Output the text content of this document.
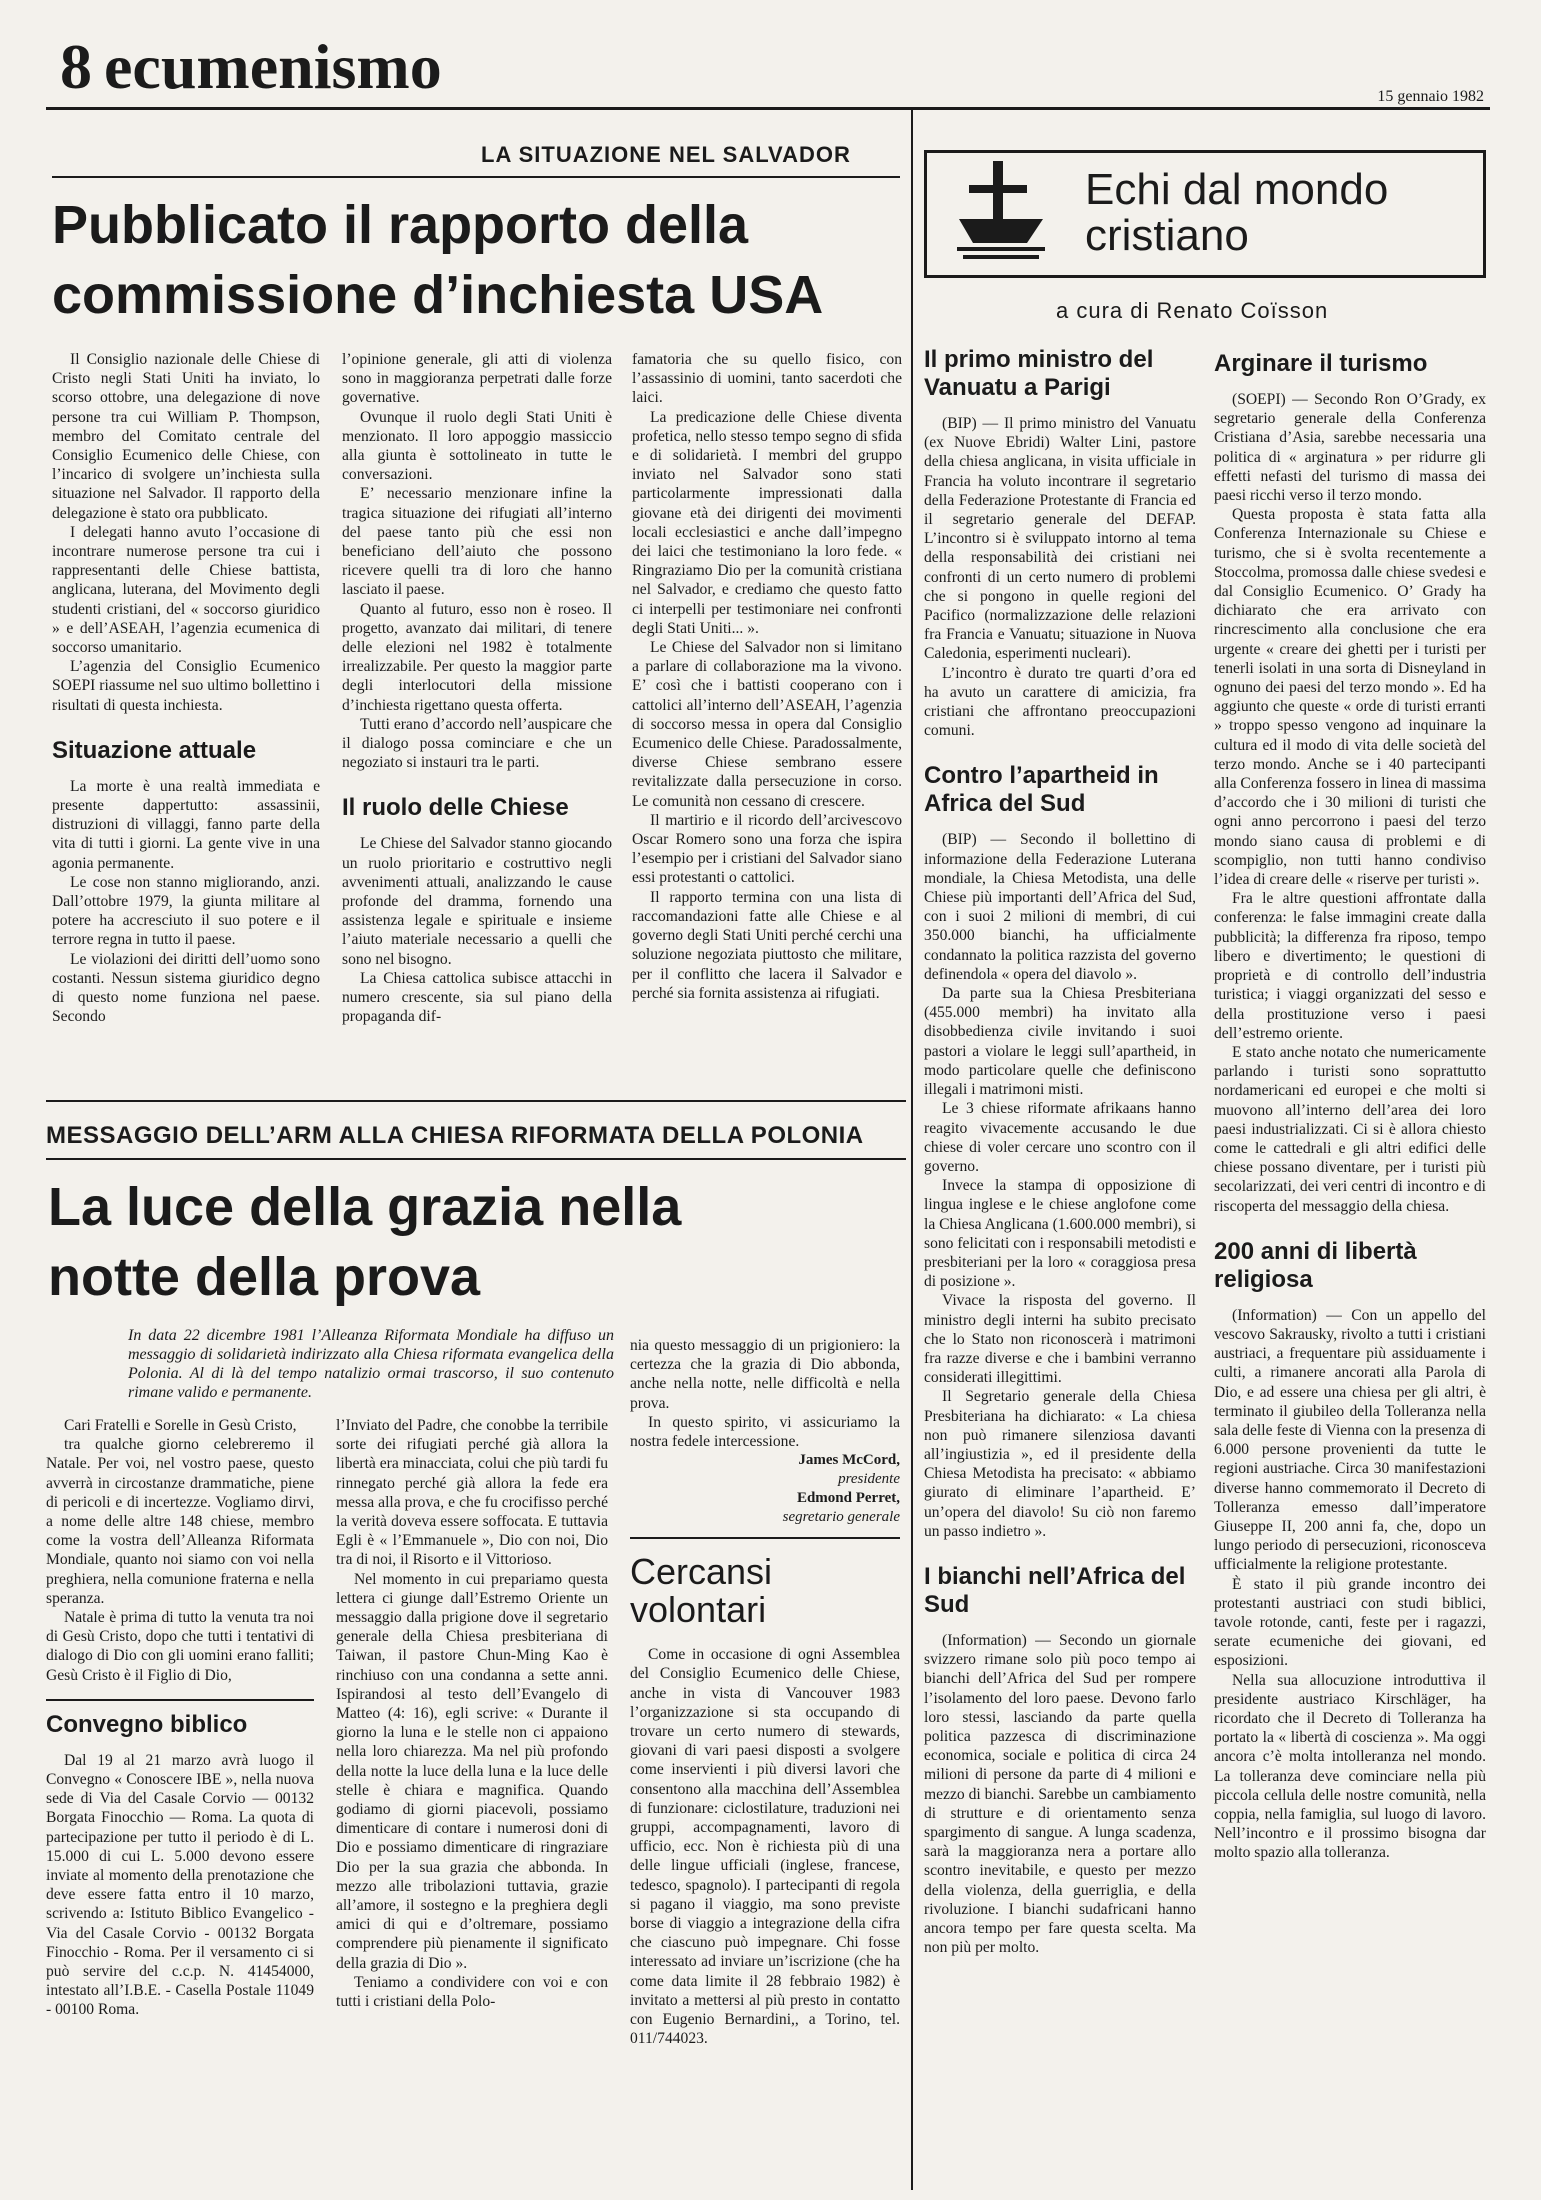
8 ecumenismo	15 gennaio 1982
LA SITUAZIONE NEL SALVADOR
Pubblicato il rapporto della commissione d’inchiesta USA

Il Consiglio nazionale delle Chiese di Cristo negli Stati Uniti ha inviato, lo scorso ottobre, una delegazione di nove persone tra cui William P. Thompson, membro del Comitato centrale del Consiglio Ecumenico delle Chiese, con l’incarico di svolgere un’inchiesta sulla situazione nel Salvador. Il rapporto della delegazione è stato ora pubblicato.

I delegati hanno avuto l’occasione di incontrare numerose persone tra cui i rappresentanti delle Chiese battista, anglicana, luterana, del Movimento degli studenti cristiani, del « soccorso giuridico » e dell’ASEAH, l’agenzia ecumenica di soccorso umanitario.

L’agenzia del Consiglio Ecumenico SOEPI riassume nel suo ultimo bollettino i risultati di questa inchiesta.

Situazione attuale

La morte è una realtà immediata e presente dappertutto: assassinii, distruzioni di villaggi, fanno parte della vita di tutti i giorni. La gente vive in una agonia permanente.

Le cose non stanno migliorando, anzi. Dall’ottobre 1979, la giunta militare al potere ha accresciuto il suo potere e il terrore regna in tutto il paese.

Le violazioni dei diritti dell’uomo sono costanti. Nessun sistema giuridico degno di questo nome funziona nel paese. Secondo

l’opinione generale, gli atti di violenza sono in maggioranza perpetrati dalle forze governative.

Ovunque il ruolo degli Stati Uniti è menzionato. Il loro appoggio massiccio alla giunta è sottolineato in tutte le conversazioni.

E’ necessario menzionare infine la tragica situazione dei rifugiati all’interno del paese tanto più che essi non beneficiano dell’aiuto che possono ricevere quelli tra di loro che hanno lasciato il paese.

Quanto al futuro, esso non è roseo. Il progetto, avanzato dai militari, di tenere delle elezioni nel 1982 è totalmente irrealizzabile. Per questo la maggior parte degli interlocutori della missione d’inchiesta rigettano questa offerta.

Tutti erano d’accordo nell’auspicare che il dialogo possa cominciare e che un negoziato si instauri tra le parti.

Il ruolo delle Chiese

Le Chiese del Salvador stanno giocando un ruolo prioritario e costruttivo negli avvenimenti attuali, analizzando le cause profonde del dramma, fornendo una assistenza legale e spirituale e insieme l’aiuto materiale necessario a quelli che sono nel bisogno.

La Chiesa cattolica subisce attacchi in numero crescente, sia sul piano della propaganda dif-

famatoria che su quello fisico, con l’assassinio di uomini, tanto sacerdoti che laici.

La predicazione delle Chiese diventa profetica, nello stesso tempo segno di sfida e di solidarietà. I membri del gruppo inviato nel Salvador sono stati particolarmente impressionati dalla giovane età dei dirigenti dei movimenti locali ecclesiastici e anche dall’impegno dei laici che testimoniano la loro fede. « Ringraziamo Dio per la comunità cristiana nel Salvador, e crediamo che questo fatto ci interpelli per testimoniare nei confronti degli Stati Uniti... ».

Le Chiese del Salvador non si limitano a parlare di collaborazione ma la vivono. E’ così che i battisti cooperano con i cattolici all’interno dell’ASEAH, l’agenzia di soccorso messa in opera dal Consiglio Ecumenico delle Chiese. Paradossalmente, diverse Chiese sembrano essere revitalizzate dalla persecuzione in corso. Le comunità non cessano di crescere.

Il martirio e il ricordo dell’arcivescovo Oscar Romero sono una forza che ispira l’esempio per i cristiani del Salvador siano essi protestanti o cattolici.

Il rapporto termina con una lista di raccomandazioni fatte alle Chiese e al governo degli Stati Uniti perché cerchi una soluzione negoziata piuttosto che militare, per il conflitto che lacera il Salvador e perché sia fornita assistenza ai rifugiati.

MESSAGGIO DELL’ARM ALLA CHIESA RIFORMATA DELLA POLONIA
La luce della grazia nella notte della prova
In data 22 dicembre 1981 l’Alleanza Riformata Mondiale ha diffuso un messaggio di solidarietà indirizzato alla Chiesa riformata evangelica della Polonia. Al di là del tempo natalizio ormai trascorso, il suo contenuto rimane valido e permanente.

Cari Fratelli e Sorelle in Gesù Cristo,

tra qualche giorno celebreremo il Natale. Per voi, nel vostro paese, questo avverrà in circostanze drammatiche, piene di pericoli e di incertezze. Vogliamo dirvi, a nome delle altre 148 chiese, membro come la vostra dell’Alleanza Riformata Mondiale, quanto noi siamo con voi nella preghiera, nella comunione fraterna e nella speranza.

Natale è prima di tutto la venuta tra noi di Gesù Cristo, dopo che tutti i tentativi di dialogo di Dio con gli uomini erano falliti; Gesù Cristo è il Figlio di Dio,

Convegno biblico

Dal 19 al 21 marzo avrà luogo il Convegno « Conoscere IBE », nella nuova sede di Via del Casale Corvio — 00132 Borgata Finocchio — Roma. La quota di partecipazione per tutto il periodo è di L. 15.000 di cui L. 5.000 devono essere inviate al momento della prenotazione che deve essere fatta entro il 10 marzo, scrivendo a: Istituto Biblico Evangelico - Via del Casale Corvio - 00132 Borgata Finocchio - Roma. Per il versamento ci si può servire del c.c.p. N. 41454000, intestato all’I.B.E. - Casella Postale 11049 - 00100 Roma.

l’Inviato del Padre, che conobbe la terribile sorte dei rifugiati perché già allora la libertà era minacciata, colui che più tardi fu rinnegato perché già allora la fede era messa alla prova, e che fu crocifisso perché la verità doveva essere soffocata. E tuttavia Egli è « l’Emmanuele », Dio con noi, Dio tra di noi, il Risorto e il Vittorioso.

Nel momento in cui prepariamo questa lettera ci giunge dall’Estremo Oriente un messaggio dalla prigione dove il segretario generale della Chiesa presbiteriana di Taiwan, il pastore Chun-Ming Kao è rinchiuso con una condanna a sette anni. Ispirandosi al testo dell’Evangelo di Matteo (4: 16), egli scrive: « Durante il giorno la luna e le stelle non ci appaiono nella loro chiarezza. Ma nel più profondo della notte la luce della luna e la luce delle stelle è chiara e magnifica. Quando godiamo di giorni piacevoli, possiamo dimenticare di contare i numerosi doni di Dio e possiamo dimenticare di ringraziare Dio per la sua grazia che abbonda. In mezzo alle tribolazioni tuttavia, grazie all’amore, il sostegno e la preghiera degli amici di qui e d’oltremare, possiamo comprendere più pienamente il significato della grazia di Dio ».

Teniamo a condividere con voi e con tutti i cristiani della Polo-

nia questo messaggio di un prigioniero: la certezza che la grazia di Dio abbonda, anche nella notte, nelle difficoltà e nella prova.

In questo spirito, vi assicuriamo la nostra fedele intercessione.

James McCord,
presidente
Edmond Perret,
segretario generale
Cercansi volontari

Come in occasione di ogni Assemblea del Consiglio Ecumenico delle Chiese, anche in vista di Vancouver 1983 l’organizzazione si sta occupando di trovare un certo numero di stewards, giovani di vari paesi disposti a svolgere come inservienti i più diversi lavori che consentono alla macchina dell’Assemblea di funzionare: ciclostilature, traduzioni nei gruppi, accompagnamenti, lavoro di ufficio, ecc. Non è richiesta più di una delle lingue ufficiali (inglese, francese, tedesco, spagnolo). I partecipanti di regola si pagano il viaggio, ma sono previste borse di viaggio a integrazione della cifra che ciascuno può impegnare. Chi fosse interessato ad inviare un’iscrizione (che ha come data limite il 28 febbraio 1982) è invitato a mettersi al più presto in contatto con Eugenio Bernardini,, a Torino, tel. 011/744023.

Echi dal mondo
cristiano
a cura di Renato Coïsson
Il primo ministro del Vanuatu a Parigi

(BIP) — Il primo ministro del Vanuatu (ex Nuove Ebridi) Walter Lini, pastore della chiesa anglicana, in visita ufficiale in Francia ha voluto incontrare il segretario della Federazione Protestante di Francia ed il segretario generale del DEFAP. L’incontro si è sviluppato intorno al tema della responsabilità dei cristiani nei confronti di un certo numero di problemi che si pongono in quelle regioni del Pacifico (normalizzazione delle relazioni fra Francia e Vanuatu; situazione in Nuova Caledonia, esperimenti nucleari).

L’incontro è durato tre quarti d’ora ed ha avuto un carattere di amicizia, fra cristiani che affrontano preoccupazioni comuni.

Contro l’apartheid in Africa del Sud

(BIP) — Secondo il bollettino di informazione della Federazione Luterana mondiale, la Chiesa Metodista, una delle Chiese più importanti dell’Africa del Sud, con i suoi 2 milioni di membri, di cui 350.000 bianchi, ha ufficialmente condannato la politica razzista del governo definendola « opera del diavolo ».

Da parte sua la Chiesa Presbiteriana (455.000 membri) ha invitato alla disobbedienza civile invitando i suoi pastori a violare le leggi sull’apartheid, in modo particolare quelle che definiscono illegali i matrimoni misti.

Le 3 chiese riformate afrikaans hanno reagito vivacemente accusando le due chiese di voler cercare uno scontro con il governo.

Invece la stampa di opposizione di lingua inglese e le chiese anglofone come la Chiesa Anglicana (1.600.000 membri), si sono felicitati con i responsabili metodisti e presbiteriani per la loro « coraggiosa presa di posizione ».

Vivace la risposta del governo. Il ministro degli interni ha subito precisato che lo Stato non riconoscerà i matrimoni fra razze diverse e che i bambini verranno considerati illegittimi.

Il Segretario generale della Chiesa Presbiteriana ha dichiarato: « La chiesa non può rimanere silenziosa davanti all’ingiustizia », ed il presidente della Chiesa Metodista ha precisato: « abbiamo giurato di eliminare l’apartheid. E’ un’opera del diavolo! Su ciò non faremo un passo indietro ».

I bianchi nell’Africa del Sud

(Information) — Secondo un giornale svizzero rimane solo più poco tempo ai bianchi dell’Africa del Sud per rompere l’isolamento del loro paese. Devono farlo loro stessi, lasciando da parte quella politica pazzesca di discriminazione economica, sociale e politica di circa 24 milioni di persone da parte di 4 milioni e mezzo di bianchi. Sarebbe un cambiamento di strutture e di orientamento senza spargimento di sangue. A lunga scadenza, sarà la maggioranza nera a portare allo scontro inevitabile, e questo per mezzo della violenza, della guerriglia, e della rivoluzione. I bianchi sudafricani hanno ancora tempo per fare questa scelta. Ma non più per molto.

Arginare il turismo

(SOEPI) — Secondo Ron O’Grady, ex segretario generale della Conferenza Cristiana d’Asia, sarebbe necessaria una politica di « arginatura » per ridurre gli effetti nefasti del turismo di massa dei paesi ricchi verso il terzo mondo.

Questa proposta è stata fatta alla Conferenza Internazionale su Chiese e turismo, che si è svolta recentemente a Stoccolma, promossa dalle chiese svedesi e dal Consiglio Ecumenico. O’ Grady ha dichiarato che era arrivato con rincrescimento alla conclusione che era urgente « creare dei ghetti per i turisti per tenerli isolati in una sorta di Disneyland in ognuno dei paesi del terzo mondo ». Ed ha aggiunto che queste « orde di turisti erranti » troppo spesso vengono ad inquinare la cultura ed il modo di vita delle società del terzo mondo. Anche se i 40 partecipanti alla Conferenza fossero in linea di massima d’accordo che i 30 milioni di turisti che ogni anno percorrono i paesi del terzo mondo siano causa di problemi e di scompiglio, non tutti hanno condiviso l’idea di creare delle « riserve per turisti ».

Fra le altre questioni affrontate dalla conferenza: le false immagini create dalla pubblicità; la differenza fra riposo, tempo libero e divertimento; le questioni di proprietà e di controllo dell’industria turistica; i viaggi organizzati del sesso e della prostituzione verso i paesi dell’estremo oriente.

E stato anche notato che numericamente parlando i turisti sono soprattutto nordamericani ed europei e che molti si muovono all’interno dell’area dei loro paesi industrializzati. Ci si è allora chiesto come le cattedrali e gli altri edifici delle chiese possano diventare, per i turisti più secolarizzati, dei veri centri di incontro e di riscoperta del messaggio della chiesa.

200 anni di libertà religiosa

(Information) — Con un appello del vescovo Sakrausky, rivolto a tutti i cristiani austriaci, a frequentare più assiduamente i culti, a rimanere ancorati alla Parola di Dio, e ad essere una chiesa per gli altri, è terminato il giubileo della Tolleranza nella sala delle feste di Vienna con la presenza di 6.000 persone provenienti da tutte le regioni austriache. Circa 30 manifestazioni diverse hanno commemorato il Decreto di Tolleranza emesso dall’imperatore Giuseppe II, 200 anni fa, che, dopo un lungo periodo di persecuzioni, riconosceva ufficialmente la religione protestante.

È stato il più grande incontro dei protestanti austriaci con studi biblici, tavole rotonde, canti, feste per i ragazzi, serate ecumeniche dei giovani, ed esposizioni.

Nella sua allocuzione introduttiva il presidente austriaco Kirschläger, ha ricordato che il Decreto di Tolleranza ha portato la « libertà di coscienza ». Ma oggi ancora c’è molta intolleranza nel mondo. La tolleranza deve cominciare nella più piccola cellula delle nostre comunità, nella coppia, nella famiglia, sul luogo di lavoro. Nell’incontro e il prossimo bisogna dar molto spazio alla tolleranza.
